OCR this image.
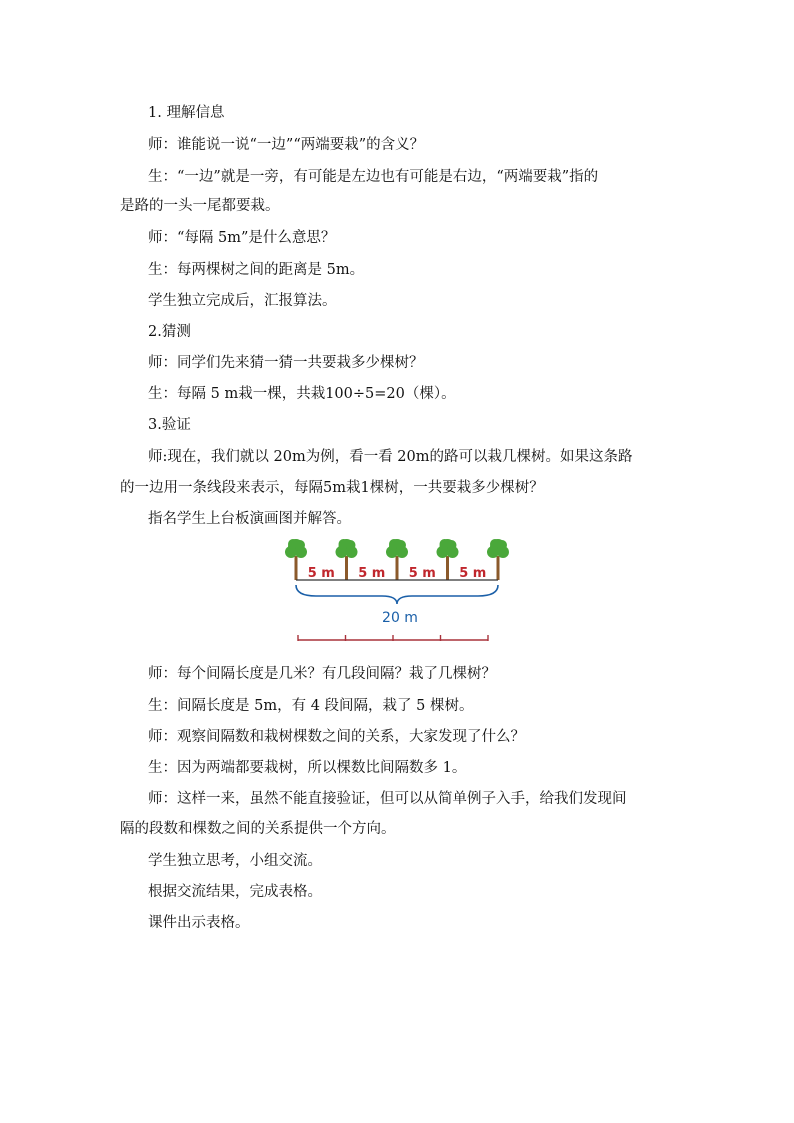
1. 理解信息
师：谁能说一说“一边”“两端要栽”的含义？
生：“一边”就是一旁，有可能是左边也有可能是右边，“两端要栽”指的
是路的一头一尾都要栽。
师：“每隔 5m”是什么意思？
生：每两棵树之间的距离是 5m。
学生独立完成后，汇报算法。
2.猜测
师：同学们先来猜一猜一共要栽多少棵树？
生：每隔 5 m栽一棵，共栽100÷5=20（棵）。
3.验证
师:现在，我们就以 20m为例，看一看 20m的路可以栽几棵树。如果这条路
的一边用一条线段来表示，每隔5m栽1棵树，一共要栽多少棵树？
指名学生上台板演画图并解答。
5 m 5 m 5 m 5 m
20 m
师：每个间隔长度是几米？有几段间隔？栽了几棵树？
生：间隔长度是 5m，有 4 段间隔，栽了 5 棵树。
师：观察间隔数和栽树棵数之间的关系，大家发现了什么？
生：因为两端都要栽树，所以棵数比间隔数多 1。
师：这样一来，虽然不能直接验证，但可以从简单例子入手，给我们发现间
隔的段数和棵数之间的关系提供一个方向。
学生独立思考，小组交流。
根据交流结果，完成表格。
课件出示表格。
